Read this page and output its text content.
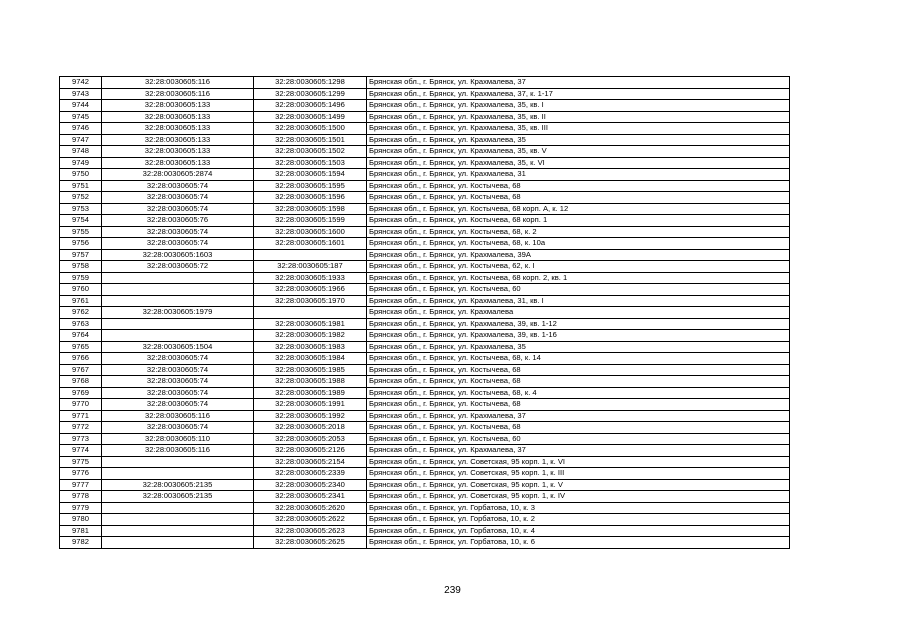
9742	32:28:0030605:116	32:28:0030605:1298	Брянская обл., г. Брянск, ул. Крахмалева, 37
9743	32:28:0030605:116	32:28:0030605:1299	Брянская обл., г. Брянск, ул. Крахмалева, 37, к. 1-17
9744	32:28:0030605:133	32:28:0030605:1496	Брянская обл., г. Брянск, ул. Крахмалева, 35, кв. I
9745	32:28:0030605:133	32:28:0030605:1499	Брянская обл., г. Брянск, ул. Крахмалева, 35, кв. II
9746	32:28:0030605:133	32:28:0030605:1500	Брянская обл., г. Брянск, ул. Крахмалева, 35, кв. III
9747	32:28:0030605:133	32:28:0030605:1501	Брянская обл., г. Брянск, ул. Крахмалева, 35
9748	32:28:0030605:133	32:28:0030605:1502	Брянская обл., г. Брянск, ул. Крахмалева, 35, кв. V
9749	32:28:0030605:133	32:28:0030605:1503	Брянская обл., г. Брянск, ул. Крахмалева, 35, к. VI
9750	32:28:0030605:2874	32:28:0030605:1594	Брянская обл., г. Брянск, ул. Крахмалева, 31
9751	32:28:0030605:74	32:28:0030605:1595	Брянская обл., г. Брянск, ул. Костычева, 68
9752	32:28:0030605:74	32:28:0030605:1596	Брянская обл., г. Брянск, ул. Костычева, 68
9753	32:28:0030605:74	32:28:0030605:1598	Брянская обл., г. Брянск, ул. Костычева, 68 корп. А, к. 12
9754	32:28:0030605:76	32:28:0030605:1599	Брянская обл., г. Брянск, ул. Костычева, 68 корп. 1
9755	32:28:0030605:74	32:28:0030605:1600	Брянская обл., г. Брянск, ул. Костычева, 68, к. 2
9756	32:28:0030605:74	32:28:0030605:1601	Брянская обл., г. Брянск, ул. Костычева, 68, к. 10а
9757	32:28:0030605:1603		Брянская обл., г. Брянск, ул. Крахмалева, 39А
9758	32:28:0030605:72	32:28:0030605:187	Брянская обл., г. Брянск, ул. Костычева, 62, к. I
9759		32:28:0030605:1933	Брянская обл., г. Брянск, ул. Костычева, 68 корп. 2, кв. 1
9760		32:28:0030605:1966	Брянская обл., г. Брянск, ул. Костычева, 60
9761		32:28:0030605:1970	Брянская обл., г. Брянск, ул. Крахмалева, 31, кв. I
9762	32:28:0030605:1979		Брянская обл., г. Брянск, ул. Крахмалева
9763		32:28:0030605:1981	Брянская обл., г. Брянск, ул. Крахмалева, 39, кв. 1-12
9764		32:28:0030605:1982	Брянская обл., г. Брянск, ул. Крахмалева, 39, кв. 1-16
9765	32:28:0030605:1504	32:28:0030605:1983	Брянская обл., г. Брянск, ул. Крахмалева, 35
9766	32:28:0030605:74	32:28:0030605:1984	Брянская обл., г. Брянск, ул. Костычева, 68, к. 14
9767	32:28:0030605:74	32:28:0030605:1985	Брянская обл., г. Брянск, ул. Костычева, 68
9768	32:28:0030605:74	32:28:0030605:1988	Брянская обл., г. Брянск, ул. Костычева, 68
9769	32:28:0030605:74	32:28:0030605:1989	Брянская обл., г. Брянск, ул. Костычева, 68, к. 4
9770	32:28:0030605:74	32:28:0030605:1991	Брянская обл., г. Брянск, ул. Костычева, 68
9771	32:28:0030605:116	32:28:0030605:1992	Брянская обл., г. Брянск, ул. Крахмалева, 37
9772	32:28:0030605:74	32:28:0030605:2018	Брянская обл., г. Брянск, ул. Костычева, 68
9773	32:28:0030605:110	32:28:0030605:2053	Брянская обл., г. Брянск, ул. Костычева, 60
9774	32:28:0030605:116	32:28:0030605:2126	Брянская обл., г. Брянск, ул. Крахмалева, 37
9775		32:28:0030605:2154	Брянская обл., г. Брянск, ул. Советская, 95 корп. 1, к. VI
9776		32:28:0030605:2339	Брянская обл., г. Брянск, ул. Советская, 95 корп. 1, к. III
9777	32:28:0030605:2135	32:28:0030605:2340	Брянская обл., г. Брянск, ул. Советская, 95 корп. 1, к. V
9778	32:28:0030605:2135	32:28:0030605:2341	Брянская обл., г. Брянск, ул. Советская, 95 корп. 1, к. IV
9779		32:28:0030605:2620	Брянская обл., г. Брянск, ул. Горбатова, 10, к. 3
9780		32:28:0030605:2622	Брянская обл., г. Брянск, ул. Горбатова, 10, к. 2
9781		32:28:0030605:2623	Брянская обл., г. Брянск, ул. Горбатова, 10, к. 4
9782		32:28:0030605:2625	Брянская обл., г. Брянск, ул. Горбатова, 10, к. 6
239
